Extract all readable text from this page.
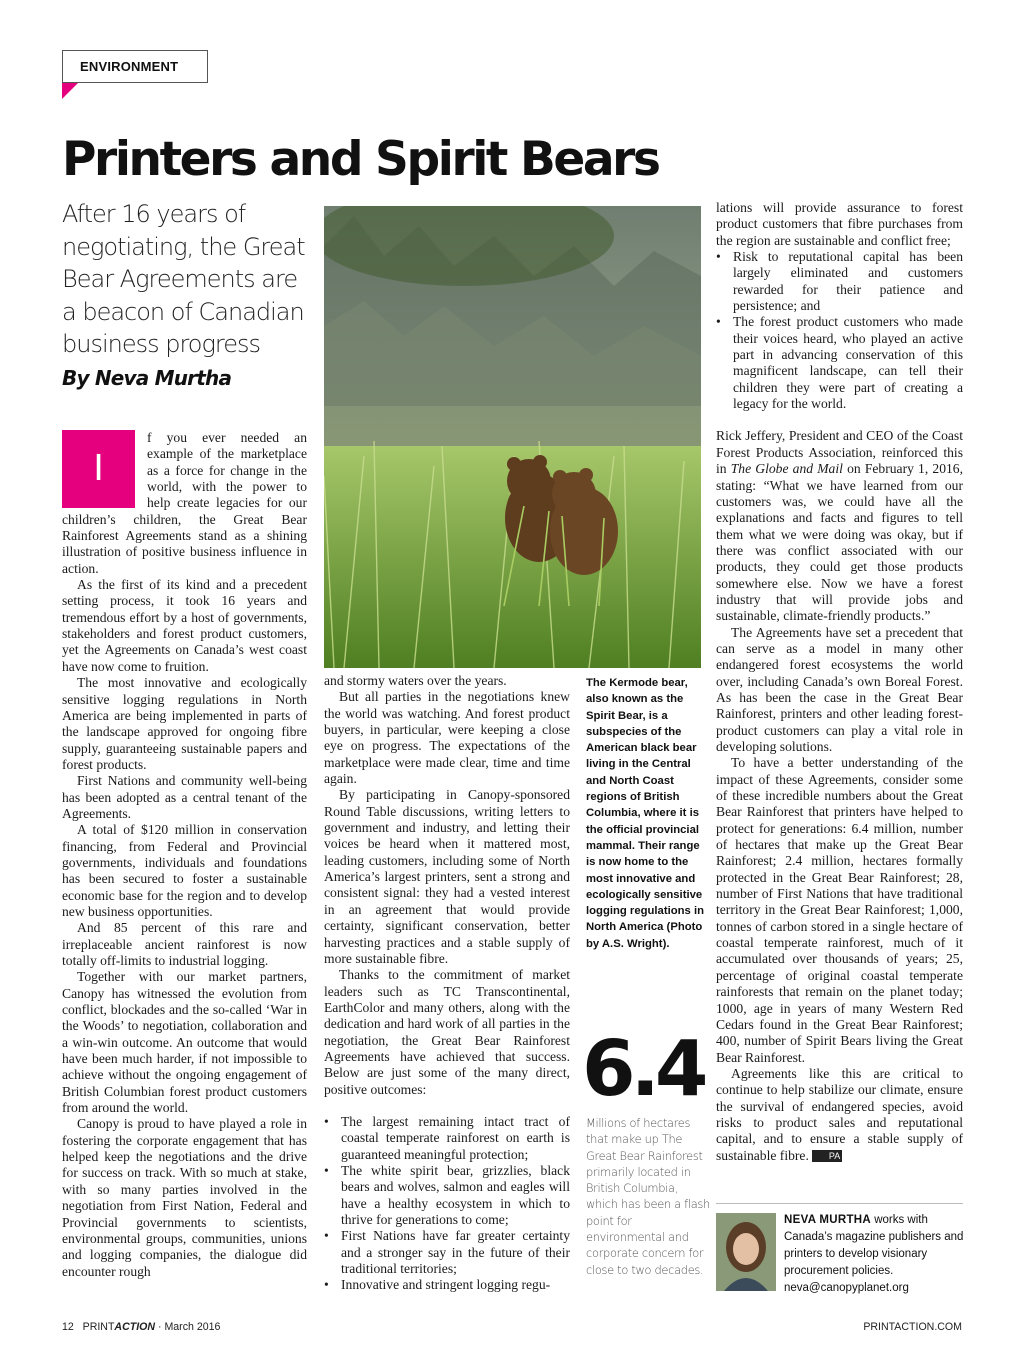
ENVIRONMENT
Printers and Spirit Bears
After 16 years of negotiating, the Great Bear Agreements are a beacon of Canadian business progress
By Neva Murtha
I

f you ever needed an example of the marketplace as a force for change in the world, with the power to help create legacies for our children’s children, the Great Bear Rainforest Agreements stand as a shining illustration of positive business influence in action.

As the first of its kind and a precedent setting process, it took 16 years and tremendous effort by a host of governments, stakeholders and forest product customers, yet the Agreements on Canada’s west coast have now come to fruition.

The most innovative and ecologically sensitive logging regulations in North America are being implemented in parts of the landscape approved for ongoing fibre supply, guaranteeing sustainable papers and forest products.

First Nations and community well-being has been adopted as a central tenant of the Agreements.

A total of $120 million in conservation financing, from Federal and Provincial governments, individuals and foundations has been secured to foster a sustainable economic base for the region and to develop new business opportunities.

And 85 percent of this rare and irreplaceable ancient rainforest is now totally off-limits to industrial logging.

Together with our market partners, Canopy has witnessed the evolution from conflict, blockades and the so-called ‘War in the Woods’ to negotiation, collaboration and a win-win outcome. An outcome that would have been much harder, if not impossible to achieve without the ongoing engagement of British Columbian forest product customers from around the world.

Canopy is proud to have played a role in fostering the corporate engagement that has helped keep the negotiations and the drive for success on track. With so much at stake, with so many parties involved in the negotiation from First Nation, Federal and Provincial governments to scientists, environmental groups, communities, unions and logging companies, the dialogue did encounter rough

and stormy waters over the years.

But all parties in the negotiations knew the world was watching. And forest product buyers, in particular, were keeping a close eye on progress. The expectations of the marketplace were made clear, time and time again.

By participating in Canopy-sponsored Round Table discussions, writing letters to government and industry, and letting their voices be heard when it mattered most, leading customers, including some of North America’s largest printers, sent a strong and consistent signal: they had a vested interest in an agreement that would provide certainty, significant conservation, better harvesting practices and a stable supply of more sustainable fibre.

Thanks to the commitment of market leaders such as TC Transcontinental, EarthColor and many others, along with the dedication and hard work of all parties in the negotiation, the Great Bear Rainforest Agreements have achieved that success. Below are just some of the many direct, positive outcomes:

• The largest remaining intact tract of coastal temperate rainforest on earth is guaranteed meaningful protection;
• The white spirit bear, grizzlies, black bears and wolves, salmon and eagles will have a healthy ecosystem in which to thrive for generations to come;
• First Nations have far greater certainty and a stronger say in the future of their traditional territories;
• Innovative and stringent logging regu-
The Kermode bear, also known as the Spirit Bear, is a subspecies of the American black bear living in the Central and North Coast regions of British Columbia, where it is the official provincial mammal. Their range is now home to the most innovative and ecologically sensitive logging regulations in North America (Photo by A.S. Wright).
6.4
Millions of hectares that make up The Great Bear Rainforest primarily located in British Columbia, which has been a flash point for environmental and corporate concern for close to two decades.

lations will provide assurance to forest product customers that fibre purchases from the region are sustainable and conflict free;

• Risk to reputational capital has been largely eliminated and customers rewarded for their patience and persistence; and
• The forest product customers who made their voices heard, who played an active part in advancing conservation of this magnificent landscape, can tell their children they were part of creating a legacy for the world.

Rick Jeffery, President and CEO of the Coast Forest Products Association, reinforced this in The Globe and Mail on February 1, 2016, stating: “What we have learned from our customers was, we could have all the explanations and facts and figures to tell them what we were doing was okay, but if there was conflict associated with our products, they could get those products somewhere else. Now we have a forest industry that will provide jobs and sustainable, climate-friendly products.”

The Agreements have set a precedent that can serve as a model in many other endangered forest ecosystems the world over, including Canada’s own Boreal Forest. As has been the case in the Great Bear Rainforest, printers and other leading forest-product customers can play a vital role in developing solutions.

To have a better understanding of the impact of these Agreements, consider some of these incredible numbers about the Great Bear Rainforest that printers have helped to protect for generations: 6.4 million, number of hectares that make up the Great Bear Rainforest; 2.4 million, hectares formally protected in the Great Bear Rainforest; 28, number of First Nations that have traditional territory in the Great Bear Rainforest; 1,000, tonnes of carbon stored in a single hectare of coastal temperate rainforest, much of it accumulated over thousands of years; 25, percentage of original coastal temperate rainforests that remain on the planet today; 1000, age in years of many Western Red Cedars found in the Great Bear Rainforest; 400, number of Spirit Bears living the Great Bear Rainforest.

Agreements like this are critical to continue to help stabilize our climate, ensure the survival of endangered species, avoid risks to product sales and reputational capital, and to ensure a stable supply of sustainable fibre. PA

NEVA MURTHA works with Canada’s magazine publishers and printers to develop visionary procurement policies.
neva@canopyplanet.org
12 PRINTACTION · March 2016	PRINTACTION.COM
